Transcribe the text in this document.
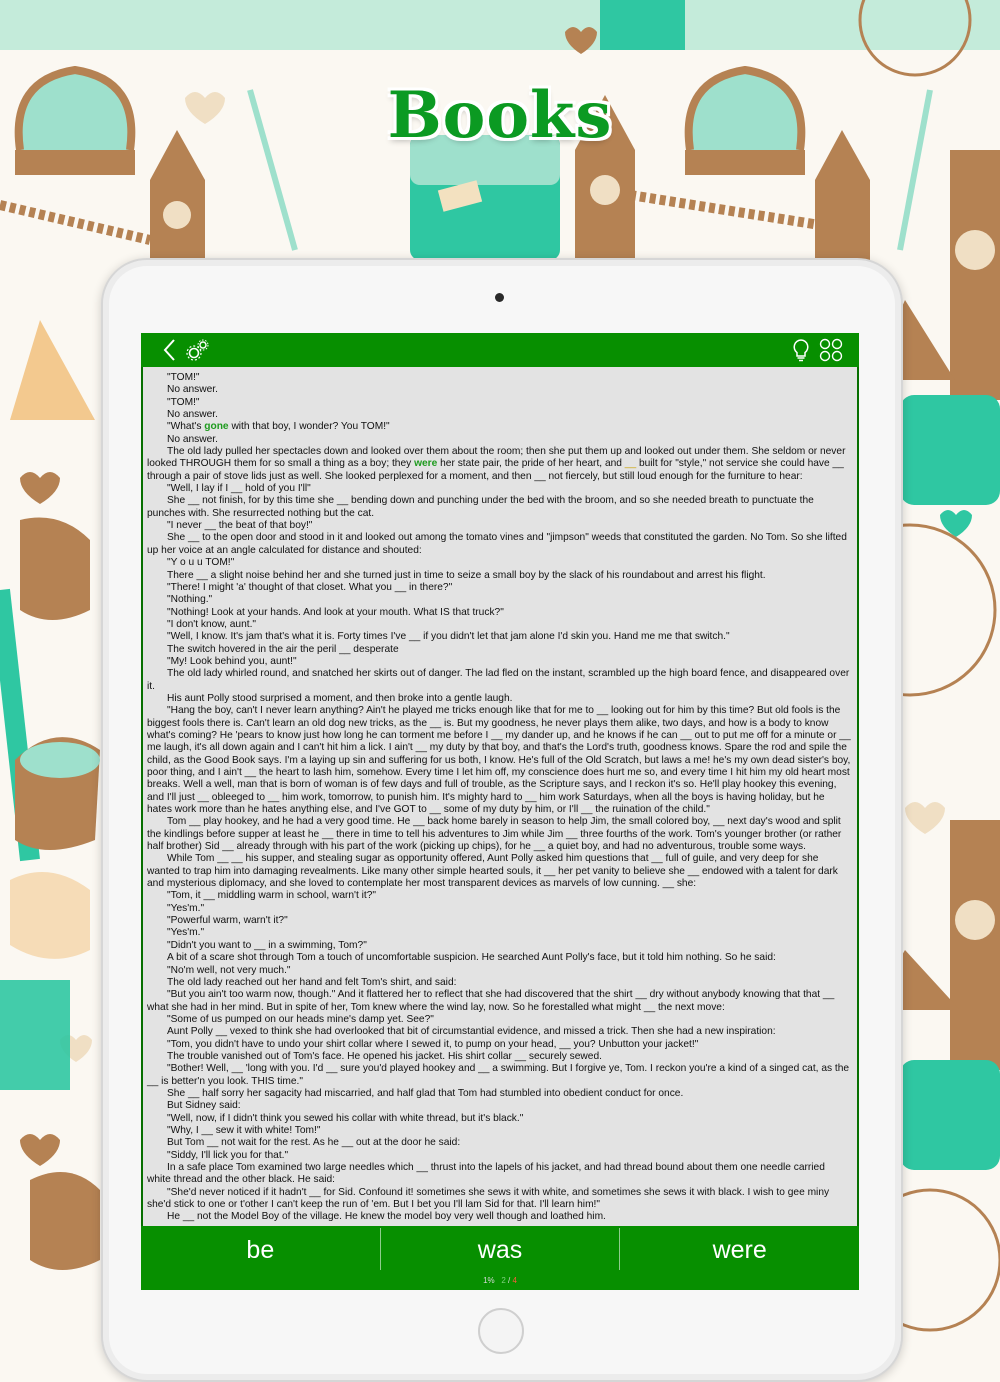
Books

"TOM!"

No answer.

"TOM!"

No answer.

"What's gone with that boy, I wonder? You TOM!"

No answer.

The old lady pulled her spectacles down and looked over them about the room; then she put them up and looked out under them. She seldom or never looked THROUGH them for so small a thing as a boy; they were her state pair, the pride of her heart, and __ built for "style," not service she could have __ through a pair of stove lids just as well. She looked perplexed for a moment, and then __ not fiercely, but still loud enough for the furniture to hear:

"Well, I lay if I __ hold of you I'll"

She __ not finish, for by this time she __ bending down and punching under the bed with the broom, and so she needed breath to punctuate the punches with. She resurrected nothing but the cat.

"I never __ the beat of that boy!"

She __ to the open door and stood in it and looked out among the tomato vines and "jimpson" weeds that constituted the garden. No Tom. So she lifted up her voice at an angle calculated for distance and shouted:

"Y o u u TOM!"

There __ a slight noise behind her and she turned just in time to seize a small boy by the slack of his roundabout and arrest his flight.

"There! I might 'a' thought of that closet. What you __ in there?"

"Nothing."

"Nothing! Look at your hands. And look at your mouth. What IS that truck?"

"I don't know, aunt."

"Well, I know. It's jam that's what it is. Forty times I've __ if you didn't let that jam alone I'd skin you. Hand me me that switch."

The switch hovered in the air the peril __ desperate

"My! Look behind you, aunt!"

The old lady whirled round, and snatched her skirts out of danger. The lad fled on the instant, scrambled up the high board fence, and disappeared over it.

His aunt Polly stood surprised a moment, and then broke into a gentle laugh.

"Hang the boy, can't I never learn anything? Ain't he played me tricks enough like that for me to __ looking out for him by this time? But old fools is the biggest fools there is. Can't learn an old dog new tricks, as the __ is. But my goodness, he never plays them alike, two days, and how is a body to know what's coming? He 'pears to know just how long he can torment me before I __ my dander up, and he knows if he can __ out to put me off for a minute or __ me laugh, it's all down again and I can't hit him a lick. I ain't __ my duty by that boy, and that's the Lord's truth, goodness knows. Spare the rod and spile the child, as the Good Book says. I'm a laying up sin and suffering for us both, I know. He's full of the Old Scratch, but laws a me! he's my own dead sister's boy, poor thing, and I ain't __ the heart to lash him, somehow. Every time I let him off, my conscience does hurt me so, and every time I hit him my old heart most breaks. Well a well, man that is born of woman is of few days and full of trouble, as the Scripture says, and I reckon it's so. He'll play hookey this evening, and I'll just __ obleeged to __ him work, tomorrow, to punish him. It's mighty hard to __ him work Saturdays, when all the boys is having holiday, but he hates work more than he hates anything else, and I've GOT to __ some of my duty by him, or I'll __ the ruination of the child."

Tom __ play hookey, and he had a very good time. He __ back home barely in season to help Jim, the small colored boy, __ next day's wood and split the kindlings before supper at least he __ there in time to tell his adventures to Jim while Jim __ three fourths of the work. Tom's younger brother (or rather half brother) Sid __ already through with his part of the work (picking up chips), for he __ a quiet boy, and had no adventurous, trouble some ways.

While Tom __ __ his supper, and stealing sugar as opportunity offered, Aunt Polly asked him questions that __ full of guile, and very deep for she wanted to trap him into damaging revealments. Like many other simple hearted souls, it __ her pet vanity to believe she __ endowed with a talent for dark and mysterious diplomacy, and she loved to contemplate her most transparent devices as marvels of low cunning. __ she:

"Tom, it __ middling warm in school, warn't it?"

"Yes'm."

"Powerful warm, warn't it?"

"Yes'm."

"Didn't you want to __ in a swimming, Tom?"

A bit of a scare shot through Tom a touch of uncomfortable suspicion. He searched Aunt Polly's face, but it told him nothing. So he said:

"No'm well, not very much."

The old lady reached out her hand and felt Tom's shirt, and said:

"But you ain't too warm now, though." And it flattered her to reflect that she had discovered that the shirt __ dry without anybody knowing that that __ what she had in her mind. But in spite of her, Tom knew where the wind lay, now. So he forestalled what might __ the next move:

"Some of us pumped on our heads mine's damp yet. See?"

Aunt Polly __ vexed to think she had overlooked that bit of circumstantial evidence, and missed a trick. Then she had a new inspiration:

"Tom, you didn't have to undo your shirt collar where I sewed it, to pump on your head, __ you? Unbutton your jacket!"

The trouble vanished out of Tom's face. He opened his jacket. His shirt collar __ securely sewed.

"Bother! Well, __ 'long with you. I'd __ sure you'd played hookey and __ a swimming. But I forgive ye, Tom. I reckon you're a kind of a singed cat, as the __ is better'n you look. THIS time."

She __ half sorry her sagacity had miscarried, and half glad that Tom had stumbled into obedient conduct for once.

But Sidney said:

"Well, now, if I didn't think you sewed his collar with white thread, but it's black."

"Why, I __ sew it with white! Tom!"

But Tom __ not wait for the rest. As he __ out at the door he said:

"Siddy, I'll lick you for that."

In a safe place Tom examined two large needles which __ thrust into the lapels of his jacket, and had thread bound about them one needle carried white thread and the other black. He said:

"She'd never noticed if it hadn't __ for Sid. Confound it! sometimes she sews it with white, and sometimes she sews it with black. I wish to gee miny she'd stick to one or t'other I can't keep the run of 'em. But I bet you I'll lam Sid for that. I'll learn him!"

He __ not the Model Boy of the village. He knew the model boy very well though and loathed him.

be	was	were
1% 2 / 4
